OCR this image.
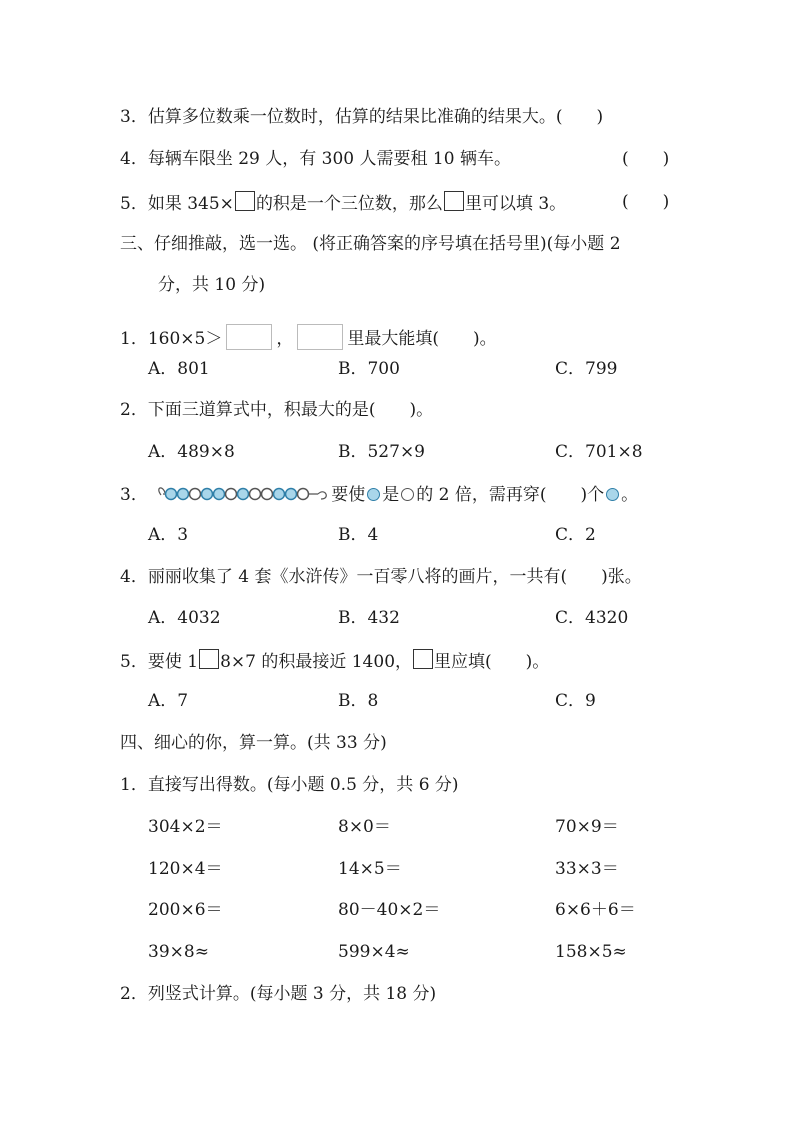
3．估算多位数乘一位数时，估算的结果比准确的结果大。(　　)
4．每辆车限坐 29 人，有 300 人需要租 10 辆车。	(　　)
5．如果 345× 的积是一个三位数，那么 里可以填 3。	(　　)
三、仔细推敲，选一选。 (将正确答案的序号填在括号里)(每小题 2
分，共 10 分)
1．160×5＞	，	里最大能填(　　)。
A．801	B．700	C．799
2．下面三道算式中，积最大的是(　　)。
A．489×8	B．527×9	C．701×8
3．	要使 是 的 2 倍，需再穿(　　)个 。
A．3	B．4	C．2
4．丽丽收集了 4 套《水浒传》一百零八将的画片，一共有(　　)张。
A．4032	B．432	C．4320
5．要使 1 8×7 的积最接近 1400， 里应填(　　)。
A．7	B．8	C．9
四、细心的你，算一算。(共 33 分)
1．直接写出得数。(每小题 0.5 分，共 6 分)
304×2＝	8×0＝	70×9＝
120×4＝	14×5＝	33×3＝
200×6＝	80－40×2＝	6×6＋6＝
39×8≈	599×4≈	158×5≈
2．列竖式计算。(每小题 3 分，共 18 分)
